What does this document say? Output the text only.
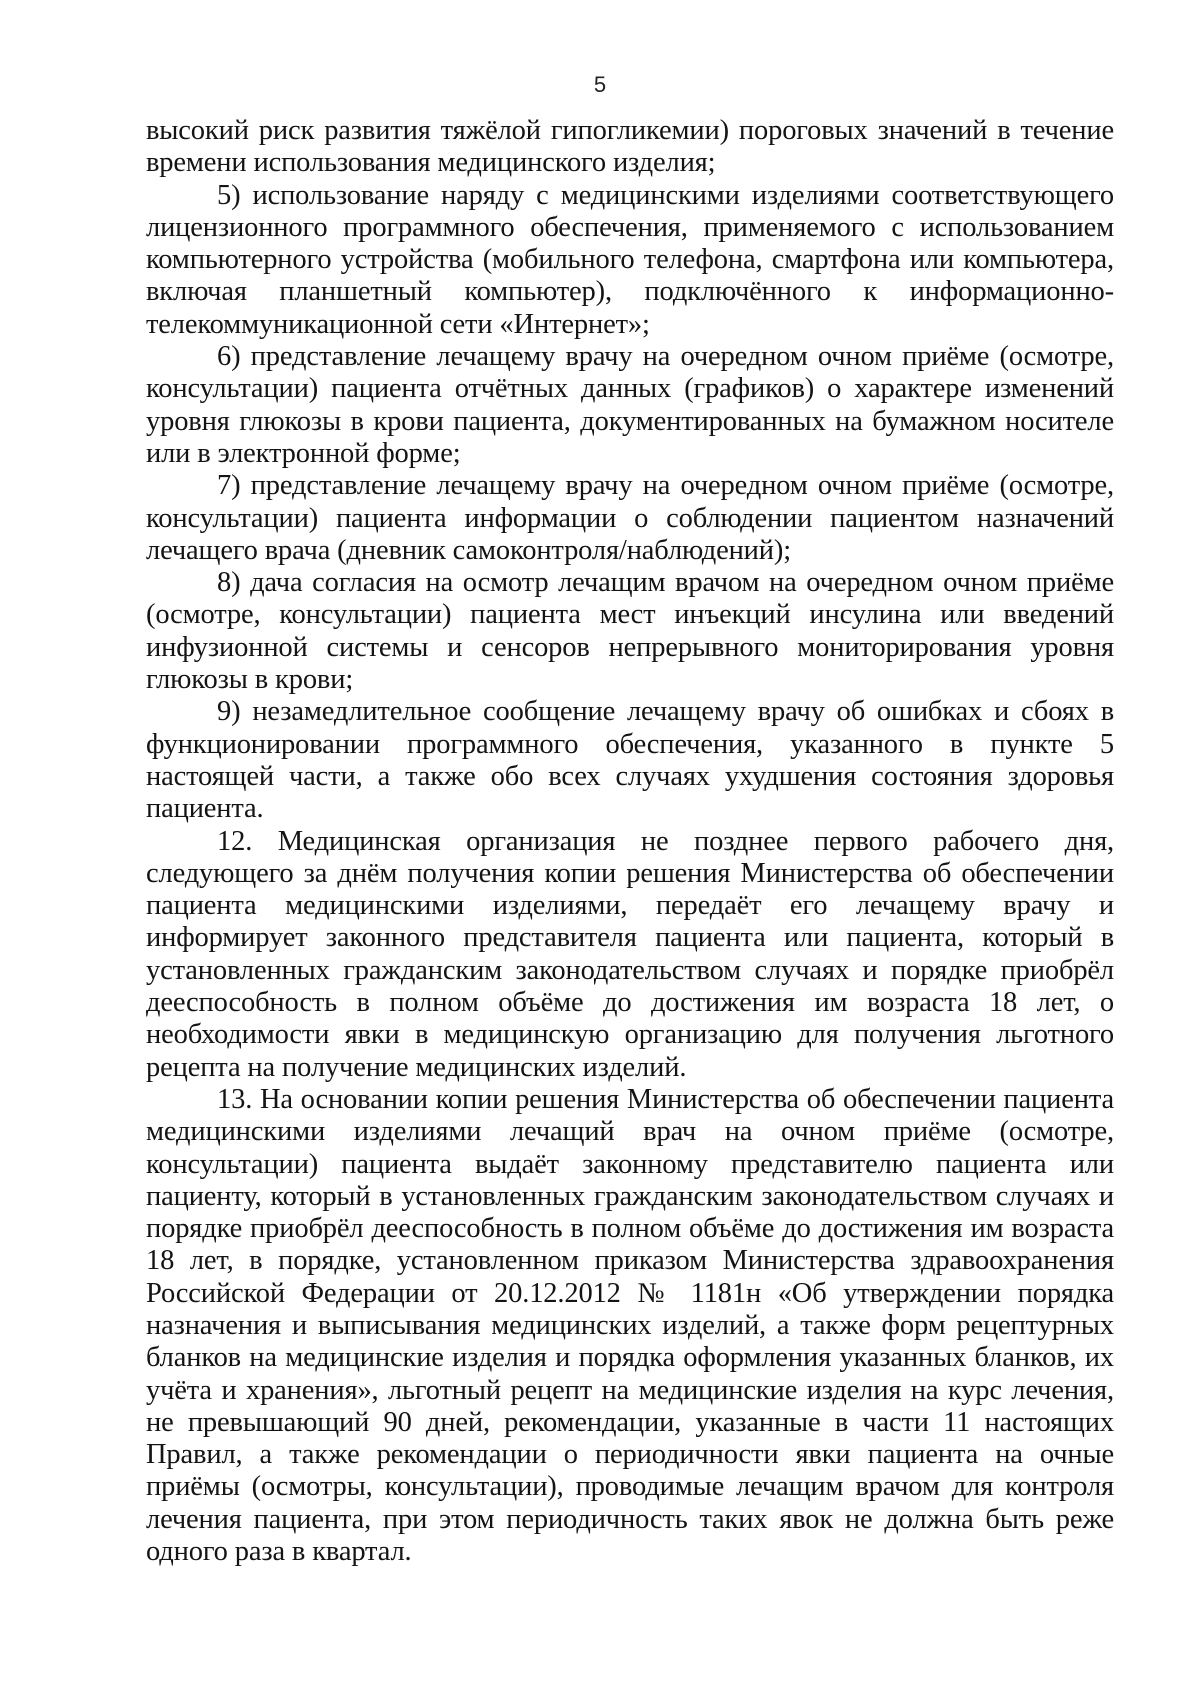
5

высокий риск развития тяжёлой гипогликемии) пороговых значений в течение времени использования медицинского изделия;

5) использование наряду с медицинскими изделиями соответствующего лицензионного программного обеспечения, применяемого с использованием компьютерного устройства (мобильного телефона, смартфона или компьютера, включая планшетный компьютер), подключённого к информационно-телекоммуникационной сети «Интернет»;

6) представление лечащему врачу на очередном очном приёме (осмотре, консультации) пациента отчётных данных (графиков) о характере изменений уровня глюкозы в крови пациента, документированных на бумажном носителе или в электронной форме;

7) представление лечащему врачу на очередном очном приёме (осмотре, консультации) пациента информации о соблюдении пациентом назначений лечащего врача (дневник самоконтроля/наблюдений);

8) дача согласия на осмотр лечащим врачом на очередном очном приёме (осмотре, консультации) пациента мест инъекций инсулина или введений инфузионной системы и сенсоров непрерывного мониторирования уровня глюкозы в крови;

9) незамедлительное сообщение лечащему врачу об ошибках и сбоях в функционировании программного обеспечения, указанного в пункте 5 настоящей части, а также обо всех случаях ухудшения состояния здоровья пациента.

12. Медицинская организация не позднее первого рабочего дня, следующего за днём получения копии решения Министерства об обеспечении пациента медицинскими изделиями, передаёт его лечащему врачу и информирует законного представителя пациента или пациента, который в установленных гражданским законодательством случаях и порядке приобрёл дееспособность в полном объёме до достижения им возраста 18 лет, о необходимости явки в медицинскую организацию для получения льготного рецепта на получение медицинских изделий.

13. На основании копии решения Министерства об обеспечении пациента медицинскими изделиями лечащий врач на очном приёме (осмотре, консультации) пациента выдаёт законному представителю пациента или пациенту, который в установленных гражданским законодательством случаях и порядке приобрёл дееспособность в полном объёме до достижения им возраста 18 лет, в порядке, установленном приказом Министерства здравоохранения Российской Федерации от 20.12.2012 № 1181н «Об утверждении порядка назначения и выписывания медицинских изделий, а также форм рецептурных бланков на медицинские изделия и порядка оформления указанных бланков, их учёта и хранения», льготный рецепт на медицинские изделия на курс лечения, не превышающий 90 дней, рекомендации, указанные в части 11 настоящих Правил, а также рекомендации о периодичности явки пациента на очные приёмы (осмотры, консультации), проводимые лечащим врачом для контроля лечения пациента, при этом периодичность таких явок не должна быть реже одного раза в квартал.
